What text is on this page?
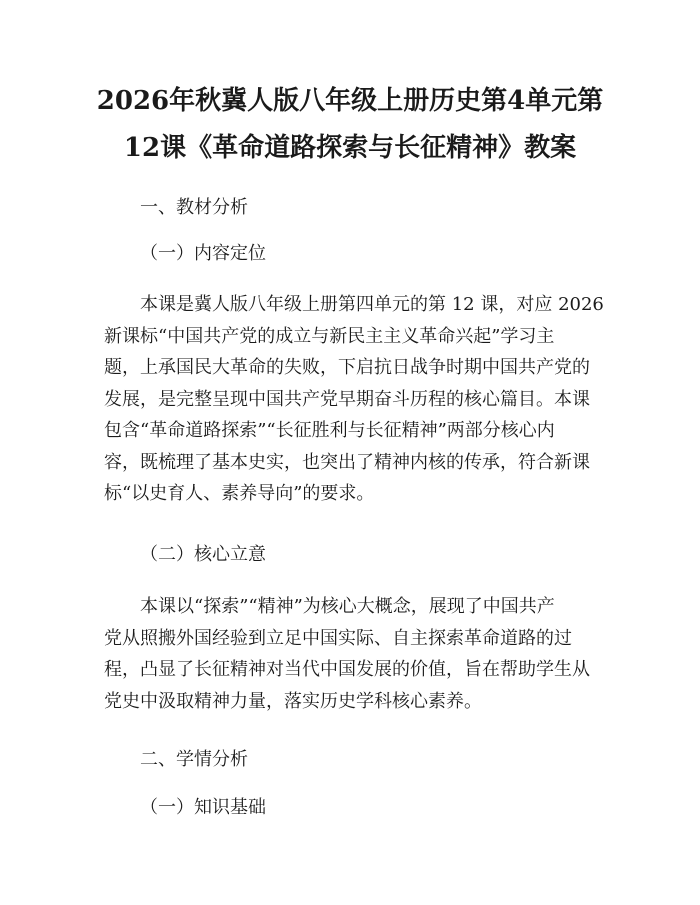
2026年秋冀人版八年级上册历史第4单元第
12课《革命道路探索与长征精神》教案
一、教材分析
（一）内容定位
本课是冀人版八年级上册第四单元的第 12 课，对应 2026
新课标“中国共产党的成立与新民主主义革命兴起”学习主
题，上承国民大革命的失败，下启抗日战争时期中国共产党的
发展，是完整呈现中国共产党早期奋斗历程的核心篇目。本课
包含“革命道路探索”“长征胜利与长征精神”两部分核心内
容，既梳理了基本史实，也突出了精神内核的传承，符合新课
标“以史育人、素养导向”的要求。
（二）核心立意
本课以“探索”“精神”为核心大概念，展现了中国共产
党从照搬外国经验到立足中国实际、自主探索革命道路的过
程，凸显了长征精神对当代中国发展的价值，旨在帮助学生从
党史中汲取精神力量，落实历史学科核心素养。
二、学情分析
（一）知识基础
